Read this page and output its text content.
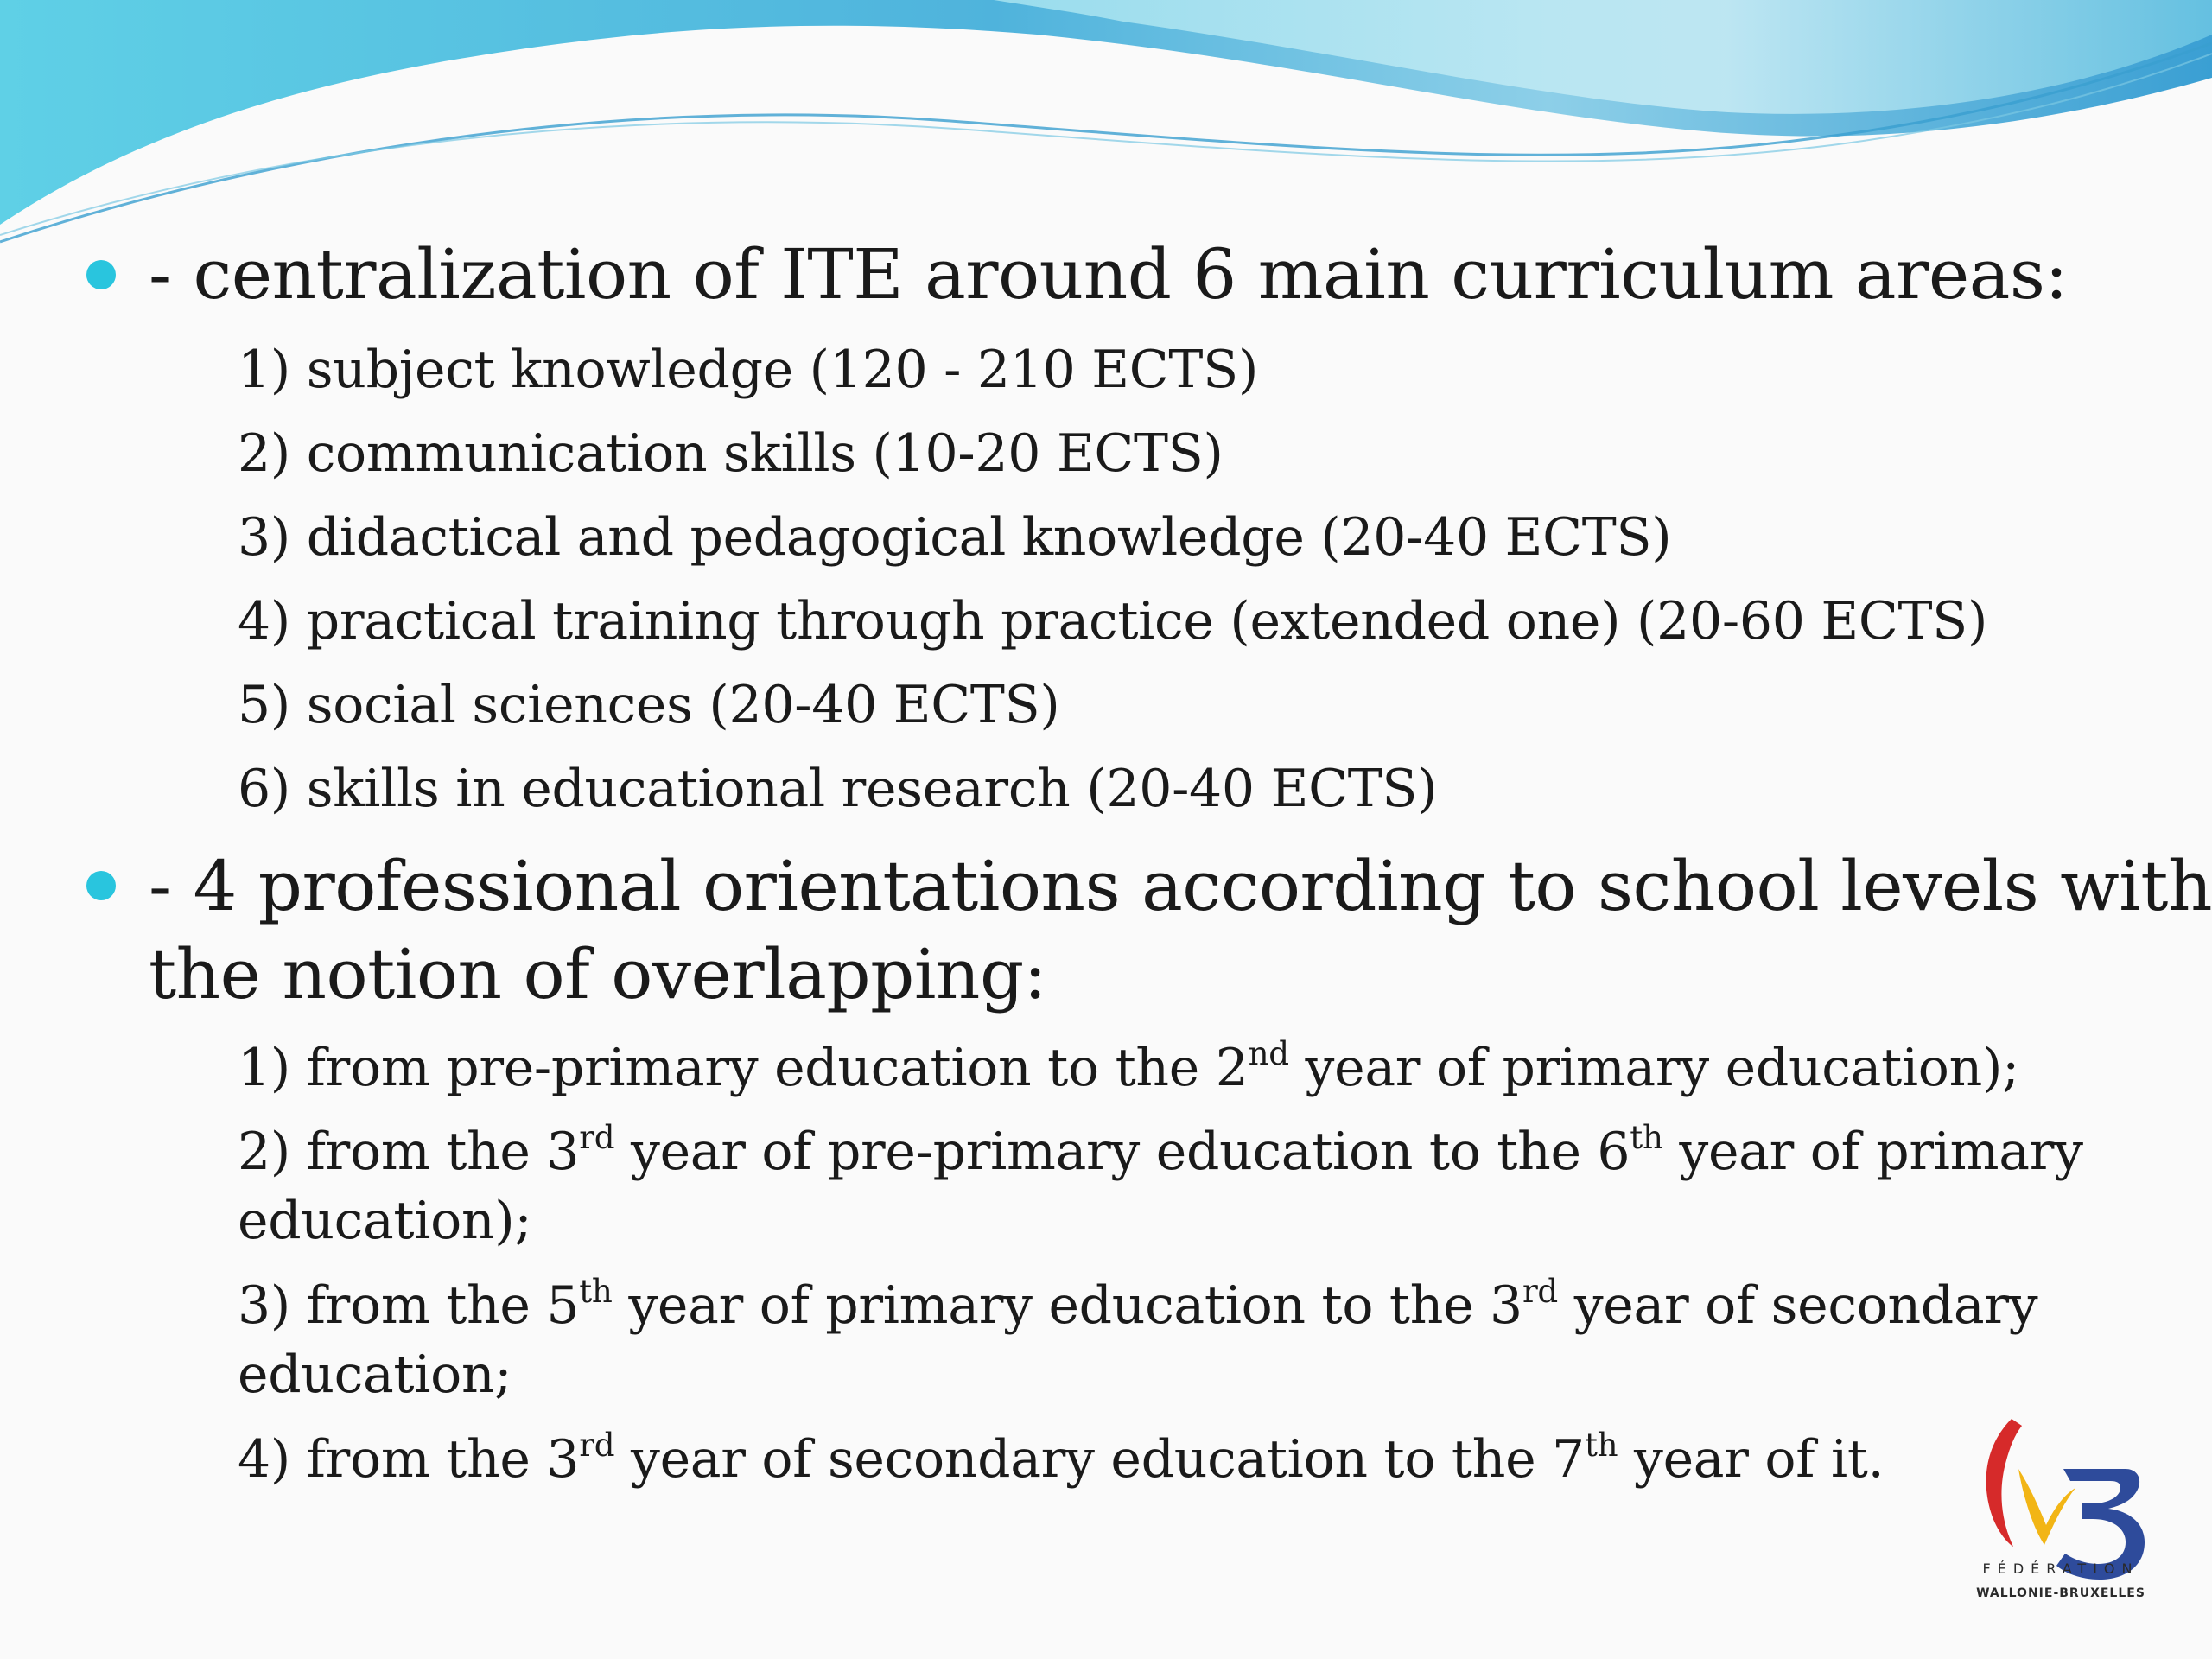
- centralization of ITE around 6 main curriculum areas:
1) subject knowledge (120 - 210 ECTS)
2) communication skills (10-20 ECTS)
3) didactical and pedagogical knowledge (20-40 ECTS)
4) practical training through practice (extended one) (20-60 ECTS)
5) social sciences (20-40 ECTS)
6) skills in educational research (20-40 ECTS)
- 4 professional orientations according to school levels with
the notion of overlapping:
1) from pre-primary education to the 2nd year of primary education);
2) from the 3rd year of pre-primary education to the 6th year of primary education);
3) from the 5th year of primary education to the 3rd year of secondary education;
4) from the 3rd year of secondary education to the 7th year of it.
FÉDÉRATION
WALLONIE-BRUXELLES
